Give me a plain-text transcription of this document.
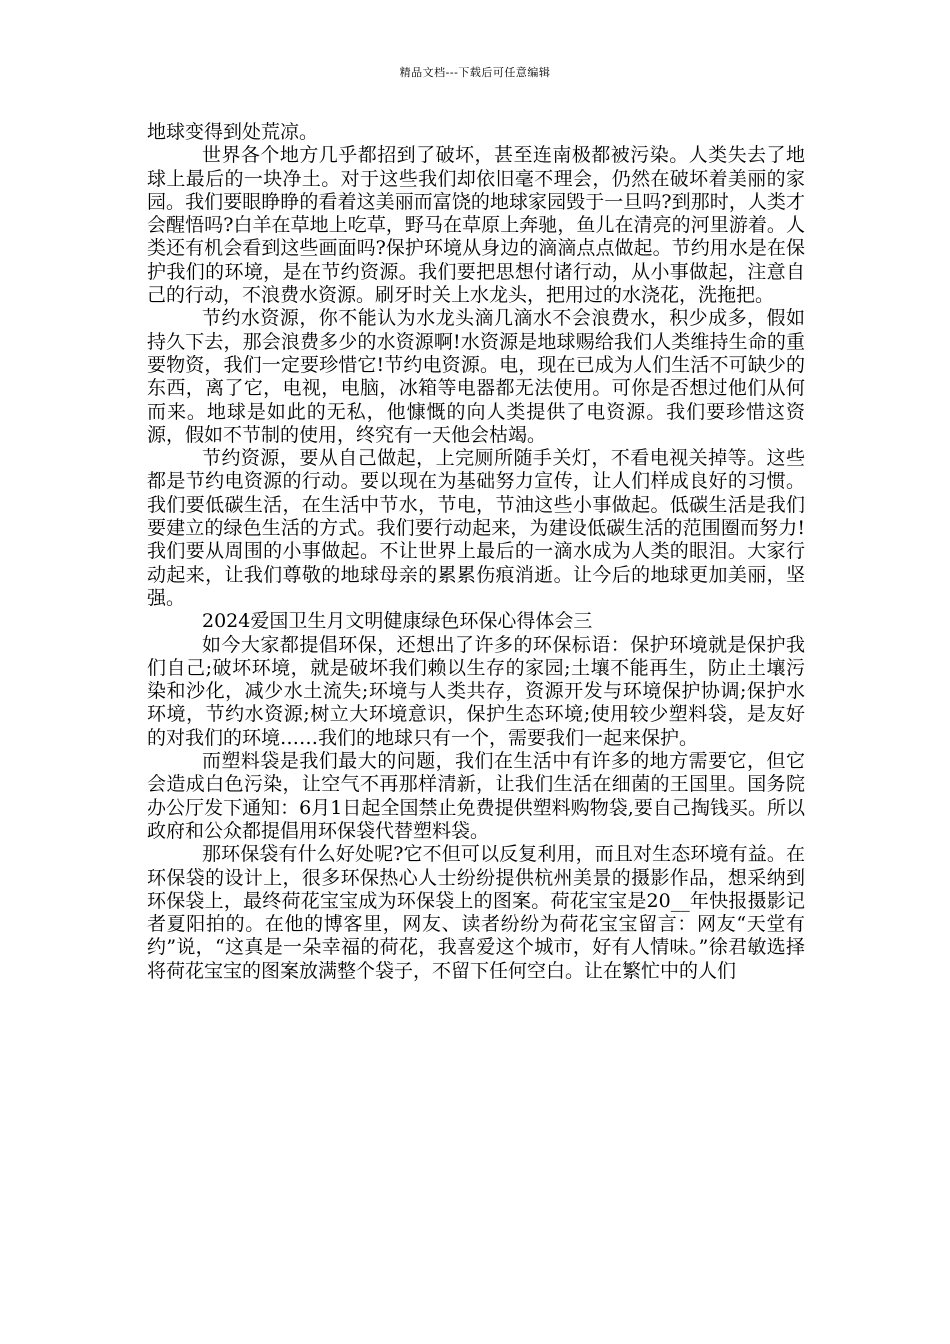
精品文档---下载后可任意编辑

地球变得到处荒凉。

世界各个地方几乎都招到了破坏，甚至连南极都被污染。人类失去了地球上最后的一块净土。对于这些我们却依旧毫不理会，仍然在破坏着美丽的家园。我们要眼睁睁的看着这美丽而富饶的地球家园毁于一旦吗?到那时，人类才会醒悟吗?白羊在草地上吃草，野马在草原上奔驰，鱼儿在清亮的河里游着。人类还有机会看到这些画面吗?保护环境从身边的滴滴点点做起。节约用水是在保护我们的环境，是在节约资源。我们要把思想付诸行动，从小事做起，注意自己的行动，不浪费水资源。刷牙时关上水龙头，把用过的水浇花，洗拖把。

节约水资源，你不能认为水龙头滴几滴水不会浪费水，积少成多，假如持久下去，那会浪费多少的水资源啊!水资源是地球赐给我们人类维持生命的重要物资，我们一定要珍惜它!节约电资源。电，现在已成为人们生活不可缺少的东西，离了它，电视，电脑，冰箱等电器都无法使用。可你是否想过他们从何而来。地球是如此的无私，他慷慨的向人类提供了电资源。我们要珍惜这资源，假如不节制的使用，终究有一天他会枯竭。

节约资源，要从自己做起，上完厕所随手关灯，不看电视关掉等。这些都是节约电资源的行动。要以现在为基础努力宣传，让人们样成良好的习惯。我们要低碳生活，在生活中节水，节电，节油这些小事做起。低碳生活是我们要建立的绿色生活的方式。我们要行动起来，为建设低碳生活的范围圈而努力!我们要从周围的小事做起。不让世界上最后的一滴水成为人类的眼泪。大家行动起来，让我们尊敬的地球母亲的累累伤痕消逝。让今后的地球更加美丽，坚强。

2024爱国卫生月文明健康绿色环保心得体会三

如今大家都提倡环保，还想出了许多的环保标语：保护环境就是保护我们自己;破坏环境，就是破坏我们赖以生存的家园;土壤不能再生，防止土壤污染和沙化，减少水土流失;环境与人类共存，资源开发与环境保护协调;保护水环境，节约水资源;树立大环境意识，保护生态环境;使用较少塑料袋，是友好的对我们的环境……我们的地球只有一个，需要我们一起来保护。

而塑料袋是我们最大的问题，我们在生活中有许多的地方需要它，但它会造成白色污染，让空气不再那样清新，让我们生活在细菌的王国里。国务院办公厅发下通知：6月1日起全国禁止免费提供塑料购物袋,要自己掏钱买。所以政府和公众都提倡用环保袋代替塑料袋。

那环保袋有什么好处呢?它不但可以反复利用，而且对生态环境有益。在环保袋的设计上，很多环保热心人士纷纷提供杭州美景的摄影作品，想采纳到环保袋上，最终荷花宝宝成为环保袋上的图案。荷花宝宝是20__年快报摄影记者夏阳拍的。在他的博客里，网友、读者纷纷为荷花宝宝留言：网友“天堂有约”说，“这真是一朵幸福的荷花，我喜爱这个城市，好有人情味。”徐君敏选择将荷花宝宝的图案放满整个袋子，不留下任何空白。让在繁忙中的人们
